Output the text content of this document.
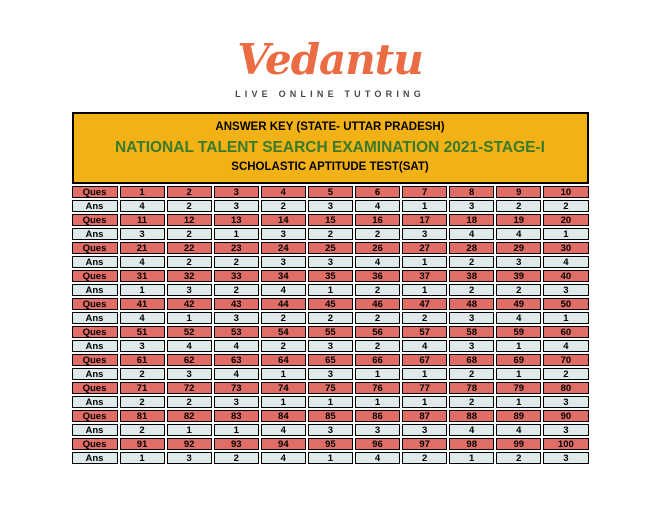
Vedantu
LIVE ONLINE TUTORING
ANSWER KEY (STATE- UTTAR PRADESH)
NATIONAL TALENT SEARCH EXAMINATION 2021-STAGE-I
SCHOLASTIC APTITUDE TEST(SAT)
Ques	1	2	3	4	5	6	7	8	9	10
Ans	4	2	3	2	3	4	1	3	2	2
Ques	11	12	13	14	15	16	17	18	19	20
Ans	3	2	1	3	2	2	3	4	4	1
Ques	21	22	23	24	25	26	27	28	29	30
Ans	4	2	2	3	3	4	1	2	3	4
Ques	31	32	33	34	35	36	37	38	39	40
Ans	1	3	2	4	1	2	1	2	2	3
Ques	41	42	43	44	45	46	47	48	49	50
Ans	4	1	3	2	2	2	2	3	4	1
Ques	51	52	53	54	55	56	57	58	59	60
Ans	3	4	4	2	3	2	4	3	1	4
Ques	61	62	63	64	65	66	67	68	69	70
Ans	2	3	4	1	3	1	1	2	1	2
Ques	71	72	73	74	75	76	77	78	79	80
Ans	2	2	3	1	1	1	1	2	1	3
Ques	81	82	83	84	85	86	87	88	89	90
Ans	2	1	1	4	3	3	3	4	4	3
Ques	91	92	93	94	95	96	97	98	99	100
Ans	1	3	2	4	1	4	2	1	2	3
